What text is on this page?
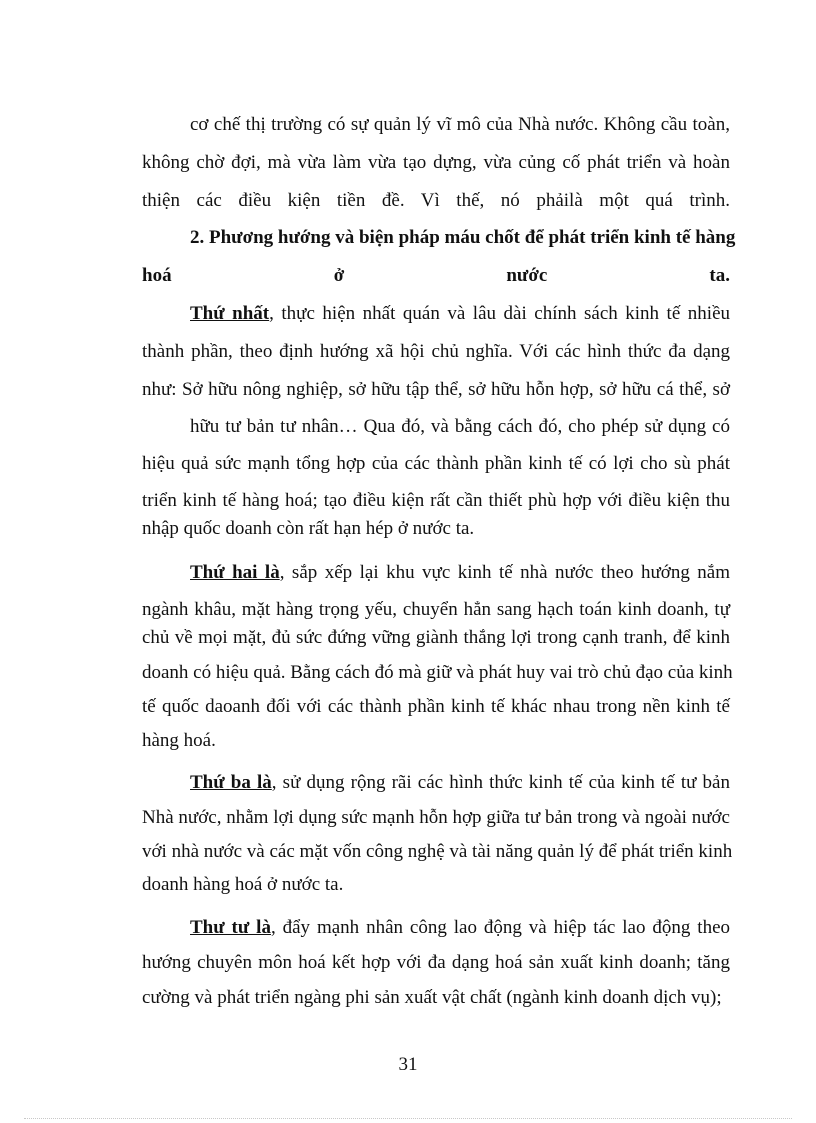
cơ chế thị trường có sự quản lý vĩ mô của Nhà nước. Không cầu toàn,
không chờ đợi, mà vừa làm vừa tạo dựng, vừa củng cố phát triển và hoàn
thiện các điều kiện tiền đề. Vì thế, nó phảilà một quá trình.
2. Phương hướng và biện pháp máu chốt để phát triển kinh tế hàng
hoá ở nước ta.
Thứ nhất, thực hiện nhất quán và lâu dài chính sách kinh tế nhiều
thành phần, theo định hướng xã hội chủ nghĩa. Với các hình thức đa dạng
như: Sở hữu nông nghiệp, sở hữu tập thể, sở hữu hỗn hợp, sở hữu cá thể, sở
hữu tư bản tư nhân… Qua đó, và bằng cách đó, cho phép sử dụng có
hiệu quả sức mạnh tổng hợp của các thành phần kinh tế có lợi cho sù phát
triển kinh tế hàng hoá; tạo điều kiện rất cần thiết phù hợp với điều kiện thu
nhập quốc doanh còn rất hạn hép ở nước ta.
Thứ hai là, sắp xếp lại khu vực kinh tế nhà nước theo hướng nắm
ngành khâu, mặt hàng trọng yếu, chuyển hẳn sang hạch toán kinh doanh, tự
chủ về mọi mặt, đủ sức đứng vững giành thắng lợi trong cạnh tranh, để kinh
doanh có hiệu quả. Bằng cách đó mà giữ và phát huy vai trò chủ đạo của kinh
tế quốc daoanh đối với các thành phần kinh tế khác nhau trong nền kinh tế
hàng hoá.
Thứ ba là, sử dụng rộng rãi các hình thức kinh tế của kinh tế tư bản
Nhà nước, nhằm lợi dụng sức mạnh hỗn hợp giữa tư bản trong và ngoài nước
với nhà nước và các mặt vốn công nghệ và tài năng quản lý để phát triển kinh
doanh hàng hoá ở nước ta.
Thư tư là, đẩy mạnh nhân công lao động và hiệp tác lao động theo
hướng chuyên môn hoá kết hợp với đa dạng hoá sản xuất kinh doanh; tăng
cường và phát triển ngàng phi sản xuất vật chất (ngành kinh doanh dịch vụ);
31
